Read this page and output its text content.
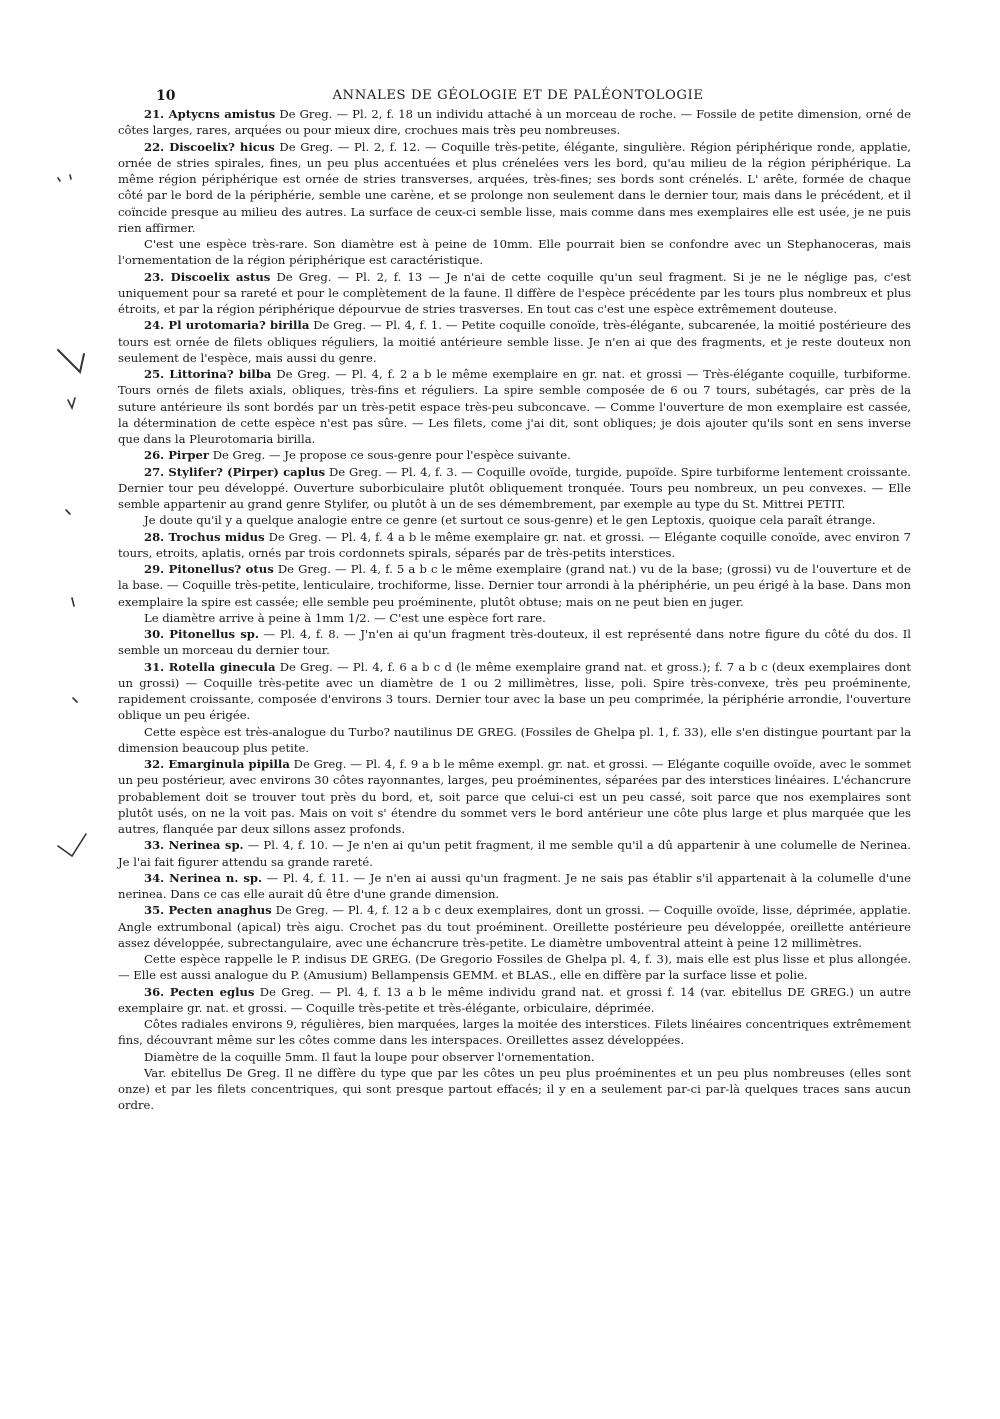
10	ANNALES DE GÉOLOGIE ET DE PALÉONTOLOGIE

21. Aptycns amistus De Greg. — Pl. 2, f. 18 un individu attaché à un morceau de roche. — Fossile de petite dimension, orné de côtes larges, rares, arquées ou pour mieux dire, crochues mais très peu nombreuses.

22. Discoelix? hicus De Greg. — Pl. 2, f. 12. — Coquille très-petite, élégante, singulière. Région périphérique ronde, applatie, ornée de stries spirales, fines, un peu plus accentuées et plus crénelées vers les bord, qu'au milieu de la région périphérique. La même région périphérique est ornée de stries transverses, arquées, très-fines; ses bords sont crénelés. L' arête, formée de chaque côté par le bord de la périphérie, semble une carène, et se prolonge non seulement dans le dernier tour, mais dans le précédent, et il coïncide presque au milieu des autres. La surface de ceux-ci semble lisse, mais comme dans mes exemplaires elle est usée, je ne puis rien affirmer.

C'est une espèce très-rare. Son diamètre est à peine de 10mm. Elle pourrait bien se confondre avec un Stephanoceras, mais l'ornementation de la région périphérique est caractéristique.

23. Discoelix astus De Greg. — Pl. 2, f. 13 — Je n'ai de cette coquille qu'un seul fragment. Si je ne le néglige pas, c'est uniquement pour sa rareté et pour le complètement de la faune. Il diffère de l'espèce précédente par les tours plus nombreux et plus étroits, et par la région périphérique dépourvue de stries trasverses. En tout cas c'est une espèce extrêmement douteuse.

24. Pl urotomaria? birilla De Greg. — Pl. 4, f. 1. — Petite coquille conoïde, très-élégante, subcarenée, la moitié postérieure des tours est ornée de filets obliques réguliers, la moitié antérieure semble lisse. Je n'en ai que des fragments, et je reste douteux non seulement de l'espèce, mais aussi du genre.

25. Littorina? bilba De Greg. — Pl. 4, f. 2 a b le même exemplaire en gr. nat. et grossi — Très-élégante coquille, turbiforme. Tours ornés de filets axials, obliques, très-fins et réguliers. La spire semble composée de 6 ou 7 tours, subétagés, car près de la suture antérieure ils sont bordés par un très-petit espace très-peu subconcave. — Comme l'ouverture de mon exemplaire est cassée, la détermination de cette espèce n'est pas sûre. — Les filets, come j'ai dit, sont obliques; je dois ajouter qu'ils sont en sens inverse que dans la Pleurotomaria birilla.

26. Pirper De Greg. — Je propose ce sous-genre pour l'espèce suivante.

27. Stylifer? (Pirper) caplus De Greg. — Pl. 4, f. 3. — Coquille ovoïde, turgide, pupoïde. Spire turbiforme lentement croissante. Dernier tour peu développé. Ouverture suborbiculaire plutôt obliquement tronquée. Tours peu nombreux, un peu convexes. — Elle semble appartenir au grand genre Stylifer, ou plutôt à un de ses démembrement, par exemple au type du St. Mittrei PETIT.

Je doute qu'il y a quelque analogie entre ce genre (et surtout ce sous-genre) et le gen Leptoxis, quoique cela paraît étrange.

28. Trochus midus De Greg. — Pl. 4, f. 4 a b le même exemplaire gr. nat. et grossi. — Elégante coquille conoïde, avec environ 7 tours, etroits, aplatis, ornés par trois cordonnets spirals, séparés par de très-petits interstices.

29. Pitonellus? otus De Greg. — Pl. 4, f. 5 a b c le même exemplaire (grand nat.) vu de la base; (grossi) vu de l'ouverture et de la base. — Coquille très-petite, lenticulaire, trochiforme, lisse. Dernier tour arrondi à la phériphérie, un peu érigé à la base. Dans mon exemplaire la spire est cassée; elle semble peu proéminente, plutôt obtuse; mais on ne peut bien en juger.

Le diamètre arrive à peine à 1mm 1/2. — C'est une espèce fort rare.

30. Pitonellus sp. — Pl. 4, f. 8. — J'n'en ai qu'un fragment très-douteux, il est représenté dans notre figure du côté du dos. Il semble un morceau du dernier tour.

31. Rotella ginecula De Greg. — Pl. 4, f. 6 a b c d (le même exemplaire grand nat. et gross.); f. 7 a b c (deux exemplaires dont un grossi) — Coquille très-petite avec un diamètre de 1 ou 2 millimètres, lisse, poli. Spire très-convexe, très peu proéminente, rapidement croissante, composée d'environs 3 tours. Dernier tour avec la base un peu comprimée, la périphérie arrondie, l'ouverture oblique un peu érigée.

Cette espèce est très-analogue du Turbo? nautilinus DE GREG. (Fossiles de Ghelpa pl. 1, f. 33), elle s'en distingue pourtant par la dimension beaucoup plus petite.

32. Emarginula pipilla De Greg. — Pl. 4, f. 9 a b le même exempl. gr. nat. et grossi. — Elégante coquille ovoïde, avec le sommet un peu postérieur, avec environs 30 côtes rayonnantes, larges, peu proéminentes, séparées par des interstices linéaires. L'échancrure probablement doit se trouver tout près du bord, et, soit parce que celui-ci est un peu cassé, soit parce que nos exemplaires sont plutôt usés, on ne la voit pas. Mais on voit s' étendre du sommet vers le bord antérieur une côte plus large et plus marquée que les autres, flanquée par deux sillons assez profonds.

33. Nerinea sp. — Pl. 4, f. 10. — Je n'en ai qu'un petit fragment, il me semble qu'il a dû appartenir à une columelle de Nerinea. Je l'ai fait figurer attendu sa grande rareté.

34. Nerinea n. sp. — Pl. 4, f. 11. — Je n'en ai aussi qu'un fragment. Je ne sais pas établir s'il appartenait à la columelle d'une nerinea. Dans ce cas elle aurait dû être d'une grande dimension.

35. Pecten anaghus De Greg. — Pl. 4, f. 12 a b c deux exemplaires, dont un grossi. — Coquille ovoïde, lisse, déprimée, applatie. Angle extrumbonal (apical) très aigu. Crochet pas du tout proéminent. Oreillette postérieure peu développée, oreillette antérieure assez développée, subrectangulaire, avec une échancrure très-petite. Le diamètre umboventral atteint à peine 12 millimètres.

Cette espèce rappelle le P. indisus DE GREG. (De Gregorio Fossiles de Ghelpa pl. 4, f. 3), mais elle est plus lisse et plus allongée. — Elle est aussi analogue du P. (Amusium) Bellampensis GEMM. et BLAS., elle en diffère par la surface lisse et polie.

36. Pecten eglus De Greg. — Pl. 4, f. 13 a b le même individu grand nat. et grossi f. 14 (var. ebitellus DE GREG.) un autre exemplaire gr. nat. et grossi. — Coquille très-petite et très-élégante, orbiculaire, déprimée.

Côtes radiales environs 9, régulières, bien marquées, larges la moitée des interstices. Filets linéaires concentriques extrêmement fins, découvrant même sur les côtes comme dans les interspaces. Oreillettes assez développées.

Diamètre de la coquille 5mm. Il faut la loupe pour observer l'ornementation.

Var. ebitellus De Greg. Il ne diffère du type que par les côtes un peu plus proéminentes et un peu plus nombreuses (elles sont onze) et par les filets concentriques, qui sont presque partout effacés; il y en a seulement par-ci par-là quelques traces sans aucun ordre.
